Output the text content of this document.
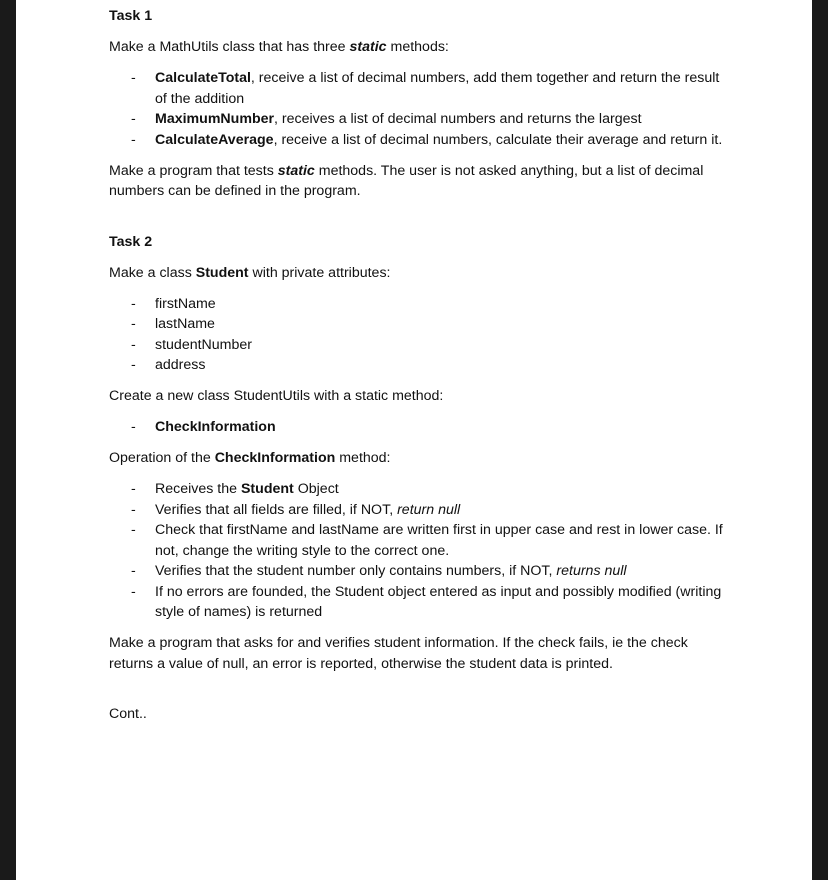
Task 1

Make a MathUtils class that has three static methods:

- CalculateTotal, receive a list of decimal numbers, add them together and return the result of the addition
- MaximumNumber, receives a list of decimal numbers and returns the largest
- CalculateAverage, receive a list of decimal numbers, calculate their average and return it.

Make a program that tests static methods. The user is not asked anything, but a list of decimal numbers can be defined in the program.

Task 2

Make a class Student with private attributes:

- firstName
- lastName
- studentNumber
- address

Create a new class StudentUtils with a static method:

- CheckInformation

Operation of the CheckInformation method:

- Receives the Student Object
- Verifies that all fields are filled, if NOT, return null
- Check that firstName and lastName are written first in upper case and rest in lower case. If not, change the writing style to the correct one.
- Verifies that the student number only contains numbers, if NOT, returns null
- If no errors are founded, the Student object entered as input and possibly modified (writing style of names) is returned

Make a program that asks for and verifies student information. If the check fails, ie the check returns a value of null, an error is reported, otherwise the student data is printed.

Cont..
